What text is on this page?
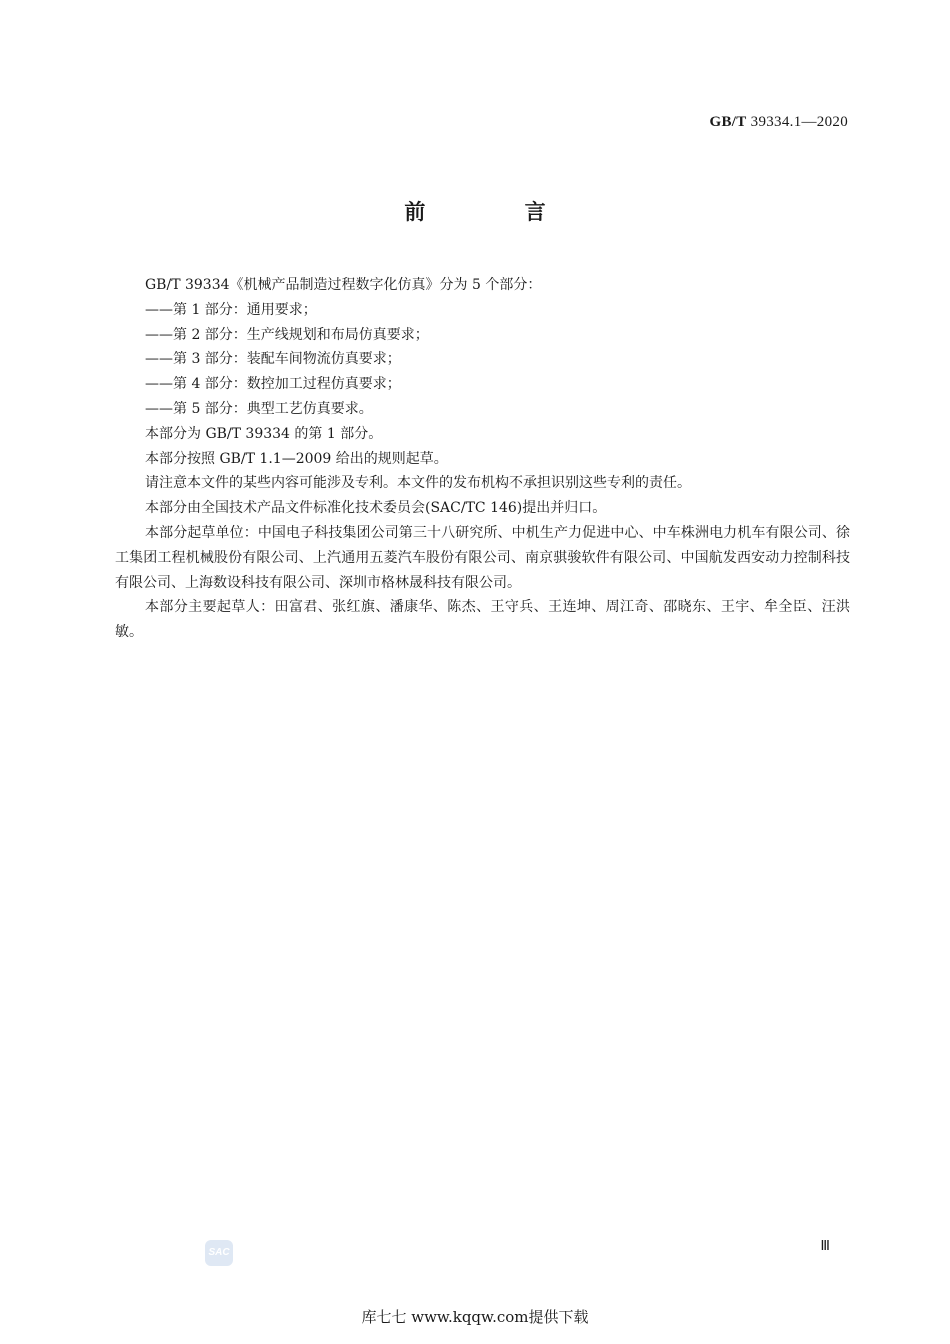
GB/T 39334.1—2020
前 言

GB/T 39334《机械产品制造过程数字化仿真》分为 5 个部分：

——第 1 部分：通用要求；

——第 2 部分：生产线规划和布局仿真要求；

——第 3 部分：装配车间物流仿真要求；

——第 4 部分：数控加工过程仿真要求；

——第 5 部分：典型工艺仿真要求。

本部分为 GB/T 39334 的第 1 部分。

本部分按照 GB/T 1.1—2009 给出的规则起草。

请注意本文件的某些内容可能涉及专利。本文件的发布机构不承担识别这些专利的责任。

本部分由全国技术产品文件标准化技术委员会(SAC/TC 146)提出并归口。

本部分起草单位：中国电子科技集团公司第三十八研究所、中机生产力促进中心、中车株洲电力机车有限公司、徐工集团工程机械股份有限公司、上汽通用五菱汽车股份有限公司、南京骐骏软件有限公司、中国航发西安动力控制科技有限公司、上海数设科技有限公司、深圳市格林晟科技有限公司。

本部分主要起草人：田富君、张红旗、潘康华、陈杰、王守兵、王连坤、周江奇、邵晓东、王宇、牟全臣、汪洪敏。

SAC	Ⅲ
库七七 www.kqqw.com提供下载
